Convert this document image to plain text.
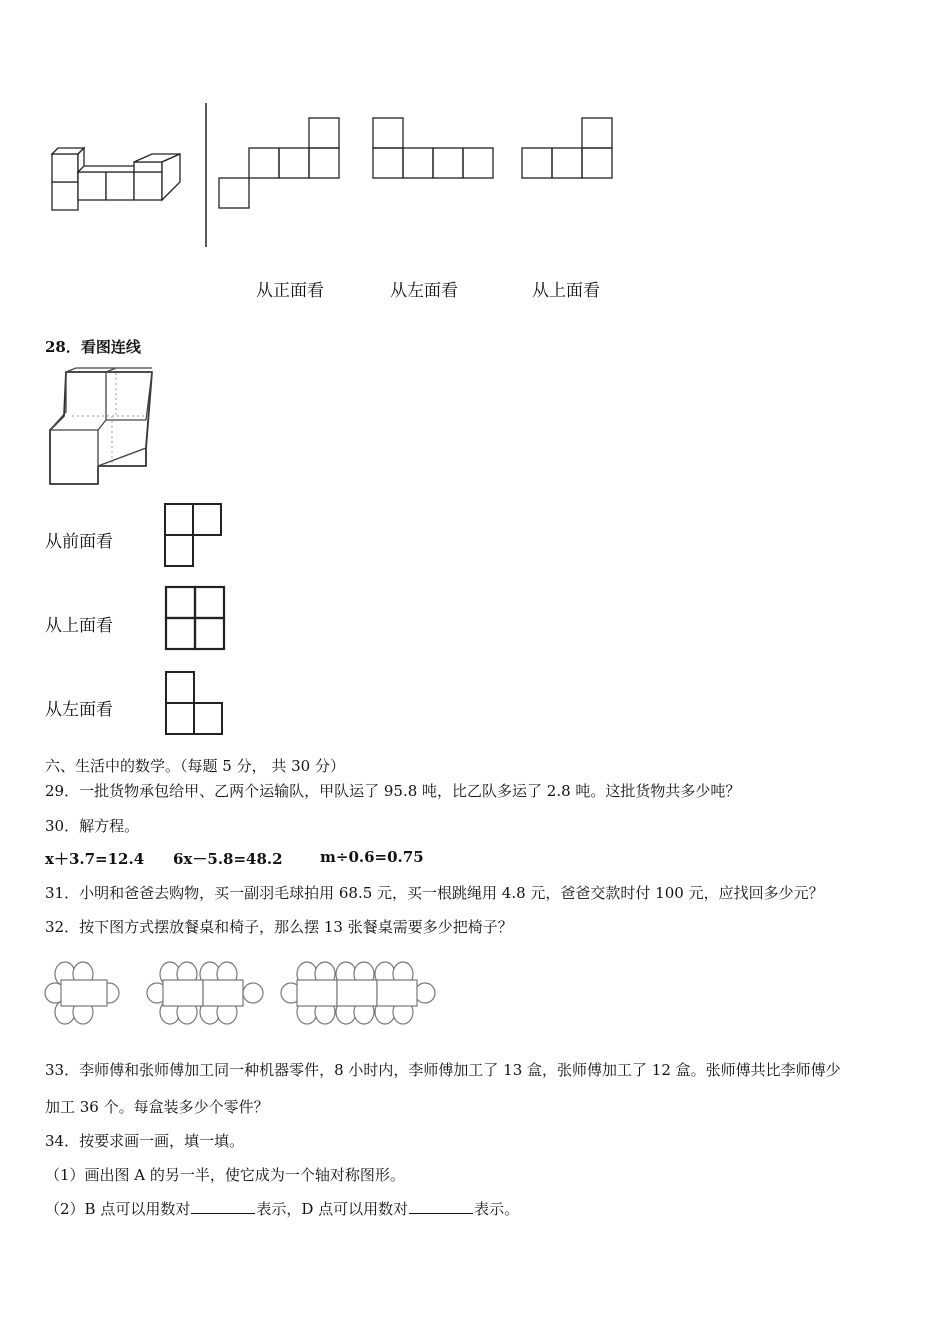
从正面看	从左面看	从上面看
28．看图连线
从前面看
从上面看
从左面看
六、生活中的数学。（每题 5 分， 共 30 分）
29．一批货物承包给甲、乙两个运输队，甲队运了 95.8 吨，比乙队多运了 2.8 吨。这批货物共多少吨？
30．解方程。
x＋3.7=12.4 6x－5.8=48.2 m÷0.6=0.75
31．小明和爸爸去购物，买一副羽毛球拍用 68.5 元，买一根跳绳用 4.8 元，爸爸交款时付 100 元，应找回多少元？
32．按下图方式摆放餐桌和椅子，那么摆 13 张餐桌需要多少把椅子？
33．李师傅和张师傅加工同一种机器零件，8 小时内，李师傅加工了 13 盒，张师傅加工了 12 盒。张师傅共比李师傅少
加工 36 个。每盒装多少个零件？
34．按要求画一画，填一填。
（1）画出图 A 的另一半，使它成为一个轴对称图形。
（2）B 点可以用数对	表示，D 点可以用数对	表示。
